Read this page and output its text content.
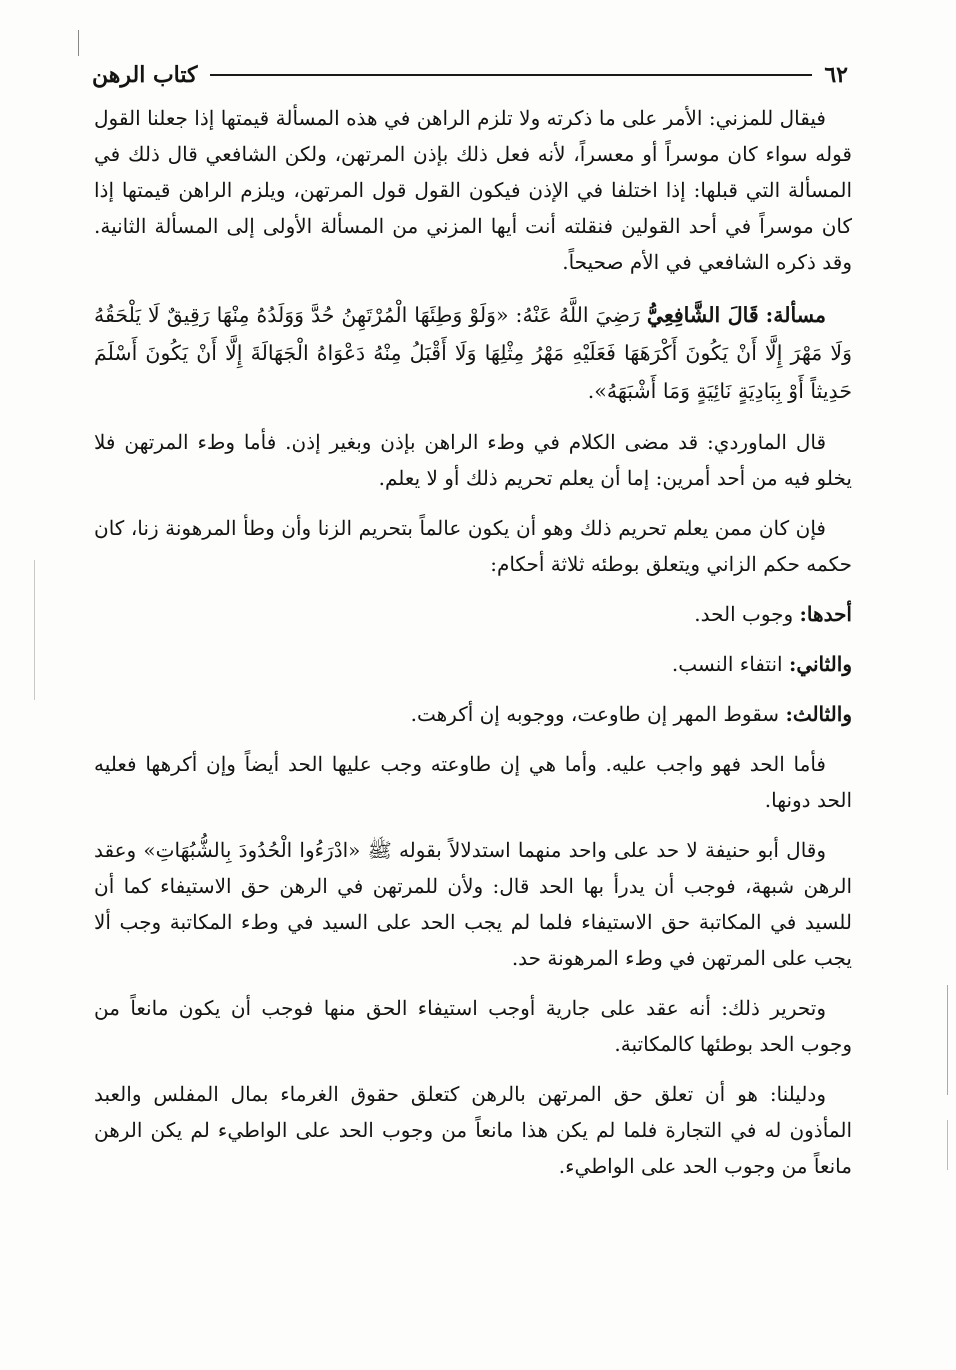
٦٢
كتاب الرهن

فيقال للمزني: الأمر على ما ذكرته ولا تلزم الراهن في هذه المسألة قيمتها إذا جعلنا القول قوله سواء كان موسراً أو معسراً، لأنه فعل ذلك بإذن المرتهن، ولكن الشافعي قال ذلك في المسألة التي قبلها: إذا اختلفا في الإذن فيكون القول قول المرتهن، ويلزم الراهن قيمتها إذا كان موسراً في أحد القولين فنقلته أنت أيها المزني من المسألة الأولى إلى المسألة الثانية. وقد ذكره الشافعي في الأم صحيحاً.

مسألة: قَالَ الشَّافِعِيُّ رَضِيَ اللَّهُ عَنْهُ: «وَلَوْ وَطِئَهَا الْمُرْتَهِنُ حُدَّ وَوَلَدُهُ مِنْهَا رَقِيقٌ لَا يَلْحَقُهُ وَلَا مَهْرَ إِلَّا أَنْ يَكُونَ أَكْرَهَهَا فَعَلَيْهِ مَهْرُ مِثْلِهَا وَلَا أَقْبَلُ مِنْهُ دَعْوَاهُ الْجَهَالَةَ إِلَّا أَنْ يَكُونَ أَسْلَمَ حَدِيثاً أَوْ بِبَادِيَةٍ نَائِيَةٍ وَمَا أَشْبَهَهُ».

قال الماوردي: قد مضى الكلام في وطء الراهن بإذن وبغير إذن. فأما وطء المرتهن فلا يخلو فيه من أحد أمرين: إما أن يعلم تحريم ذلك أو لا يعلم.

فإن كان ممن يعلم تحريم ذلك وهو أن يكون عالماً بتحريم الزنا وأن وطأ المرهونة زنا، كان حكمه حكم الزاني ويتعلق بوطئه ثلاثة أحكام:

أحدها: وجوب الحد.

والثاني: انتفاء النسب.

والثالث: سقوط المهر إن طاوعت، ووجوبه إن أكرهت.

فأما الحد فهو واجب عليه. وأما هي إن طاوعته وجب عليها الحد أيضاً وإن أكرهها فعليه الحد دونها.

وقال أبو حنيفة لا حد على واحد منهما استدلالاً بقوله ﷺ «ادْرَءُوا الْحُدُودَ بِالشُّبُهَاتِ» وعقد الرهن شبهة، فوجب أن يدرأ بها الحد قال: ولأن للمرتهن في الرهن حق الاستيفاء كما أن للسيد في المكاتبة حق الاستيفاء فلما لم يجب الحد على السيد في وطء المكاتبة وجب ألا يجب على المرتهن في وطء المرهونة حد.

وتحرير ذلك: أنه عقد على جارية أوجب استيفاء الحق منها فوجب أن يكون مانعاً من وجوب الحد بوطئها كالمكاتبة.

ودليلنا: هو أن تعلق حق المرتهن بالرهن كتعلق حقوق الغرماء بمال المفلس والعبد المأذون له في التجارة فلما لم يكن هذا مانعاً من وجوب الحد على الواطيء لم يكن الرهن مانعاً من وجوب الحد على الواطيء.
